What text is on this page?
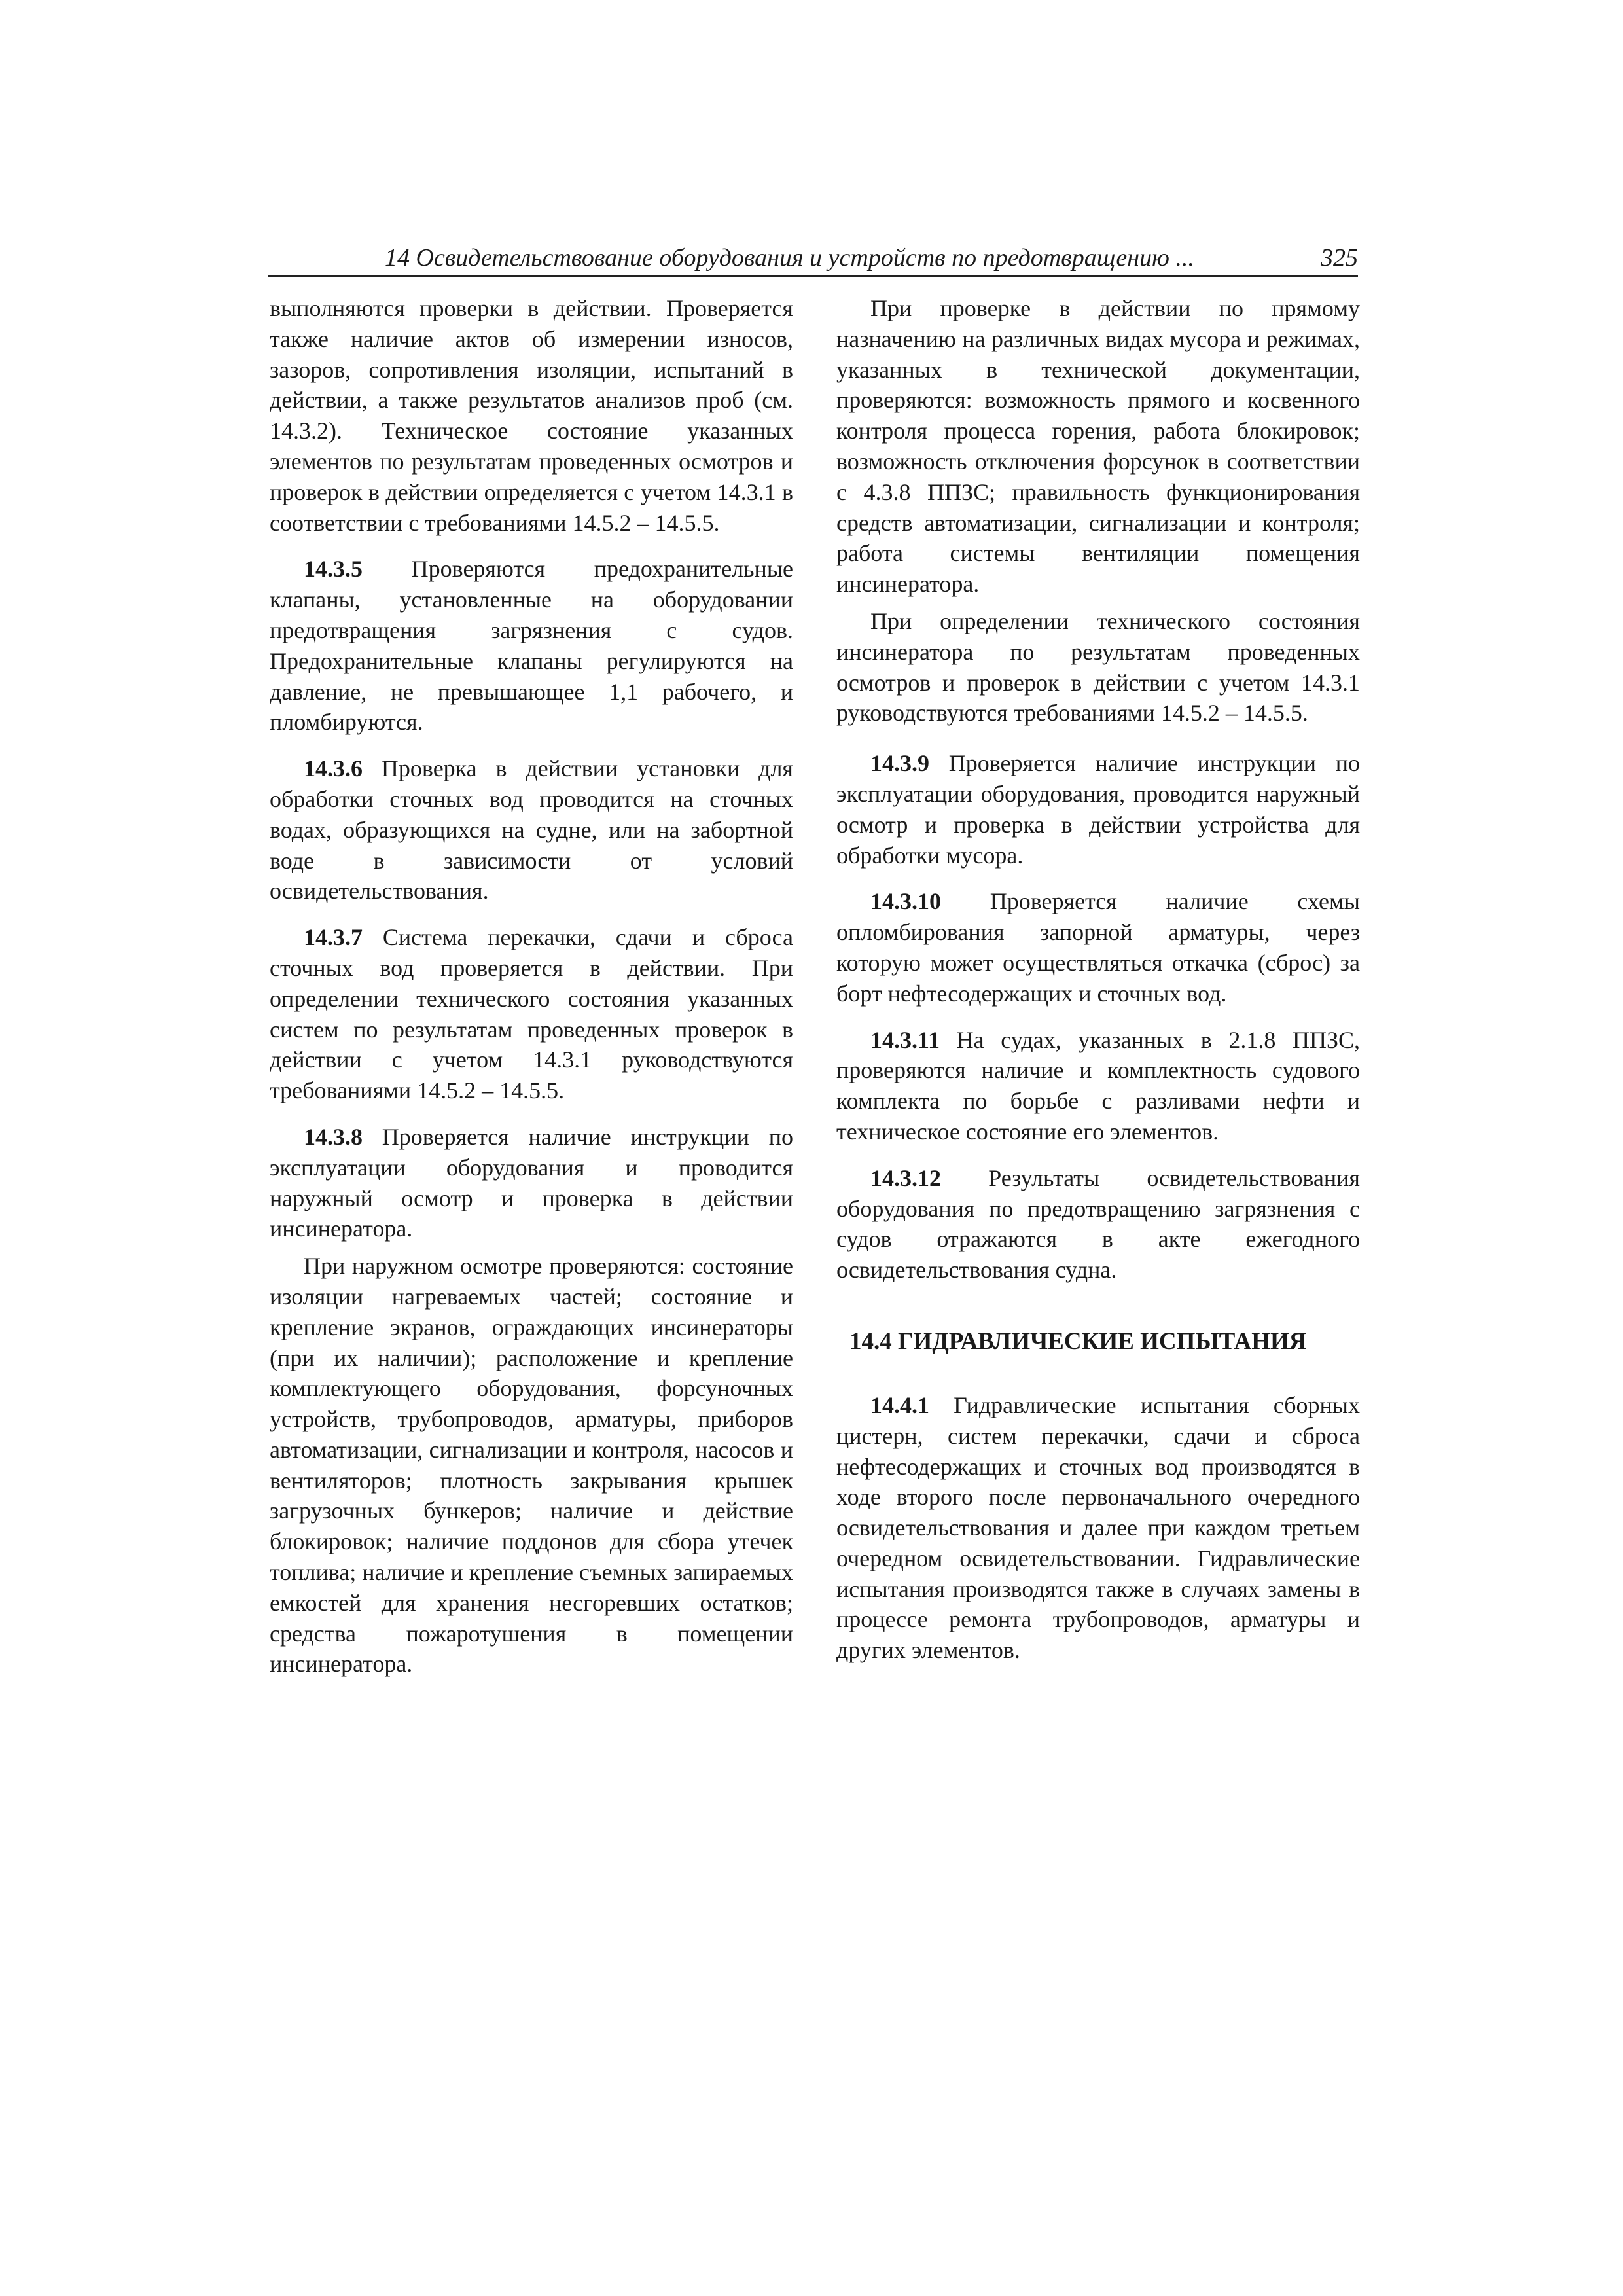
14 Освидетельствование оборудования и устройств по предотвращению ...	325

выполняются проверки в действии. Проверяется также наличие актов об измерении износов, зазоров, сопротивления изоляции, испытаний в действии, а также результатов анализов проб (см. 14.3.2). Техническое состояние указанных элементов по результатам проведенных осмотров и проверок в действии определяется с учетом 14.3.1 в соответствии с требованиями 14.5.2 – 14.5.5.

14.3.5 Проверяются предохранительные клапаны, установленные на оборудовании предотвращения загрязнения с судов. Предохранительные клапаны регулируются на давление, не превышающее 1,1 рабочего, и пломбируются.

14.3.6 Проверка в действии установки для обработки сточных вод проводится на сточных водах, образующихся на судне, или на забортной воде в зависимости от условий освидетельствования.

14.3.7 Система перекачки, сдачи и сброса сточных вод проверяется в действии. При определении технического состояния указанных систем по результатам проведенных проверок в действии с учетом 14.3.1 руководствуются требованиями 14.5.2 – 14.5.5.

14.3.8 Проверяется наличие инструкции по эксплуатации оборудования и проводится наружный осмотр и проверка в действии инсинератора.

При наружном осмотре проверяются: состояние изоляции нагреваемых частей; состояние и крепление экранов, ограждающих инсинераторы (при их наличии); расположение и крепление комплектующего оборудования, форсуночных устройств, трубопроводов, арматуры, приборов автоматизации, сигнализации и контроля, насосов и вентиляторов; плотность закрывания крышек загрузочных бункеров; наличие и действие блокировок; наличие поддонов для сбора утечек топлива; наличие и крепление съемных запираемых емкостей для хранения несгоревших остатков; средства пожаротушения в помещении инсинератора.

При проверке в действии по прямому назначению на различных видах мусора и режимах, указанных в технической документации, проверяются: возможность прямого и косвенного контроля процесса горения, работа блокировок; возможность отключения форсунок в соответствии с 4.3.8 ППЗС; правильность функционирования средств автоматизации, сигнализации и контроля; работа системы вентиляции помещения инсинератора.

При определении технического состояния инсинератора по результатам проведенных осмотров и проверок в действии с учетом 14.3.1 руководствуются требованиями 14.5.2 – 14.5.5.

14.3.9 Проверяется наличие инструкции по эксплуатации оборудования, проводится наружный осмотр и проверка в действии устройства для обработки мусора.

14.3.10 Проверяется наличие схемы опломбирования запорной арматуры, через которую может осуществляться откачка (сброс) за борт нефтесодержащих и сточных вод.

14.3.11 На судах, указанных в 2.1.8 ППЗС, проверяются наличие и комплектность судового комплекта по борьбе с разливами нефти и техническое состояние его элементов.

14.3.12 Результаты освидетельствования оборудования по предотвращению загрязнения с судов отражаются в акте ежегодного освидетельствования судна.

14.4 ГИДРАВЛИЧЕСКИЕ ИСПЫТАНИЯ

14.4.1 Гидравлические испытания сборных цистерн, систем перекачки, сдачи и сброса нефтесодержащих и сточных вод производятся в ходе второго после первоначального очередного освидетельствования и далее при каждом третьем очередном освидетельствовании. Гидравлические испытания производятся также в случаях замены в процессе ремонта трубопроводов, арматуры и других элементов.
